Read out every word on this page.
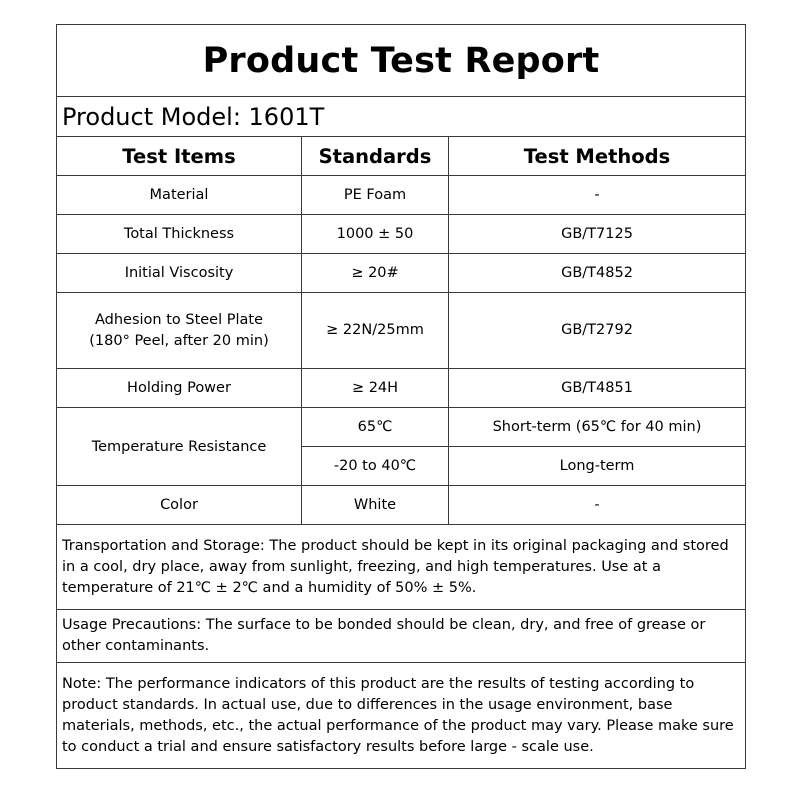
Product Test Report		
Product Model: 1601T		
Test Items	Standards	Test Methods
Material	PE Foam	-
Total Thickness	1000 ± 50	GB/T7125
Initial Viscosity	≥ 20#	GB/T4852
Adhesion to Steel Plate
(180° Peel, after 20 min)	≥ 22N/25mm	GB/T2792
Holding Power	≥ 24H	GB/T4851
Temperature Resistance	65℃	Short-term (65℃ for 40 min)
	-20 to 40℃	Long-term
Color	White	-
Transportation and Storage: The product should be kept in its original packaging and stored in a cool, dry place, away from sunlight, freezing, and high temperatures. Use at a temperature of 21℃ ± 2℃ and a humidity of 50% ± 5%.		
Usage Precautions: The surface to be bonded should be clean, dry, and free of grease or other contaminants.		
Note: The performance indicators of this product are the results of testing according to product standards. In actual use, due to differences in the usage environment, base materials, methods, etc., the actual performance of the product may vary. Please make sure to conduct a trial and ensure satisfactory results before large - scale use.		
